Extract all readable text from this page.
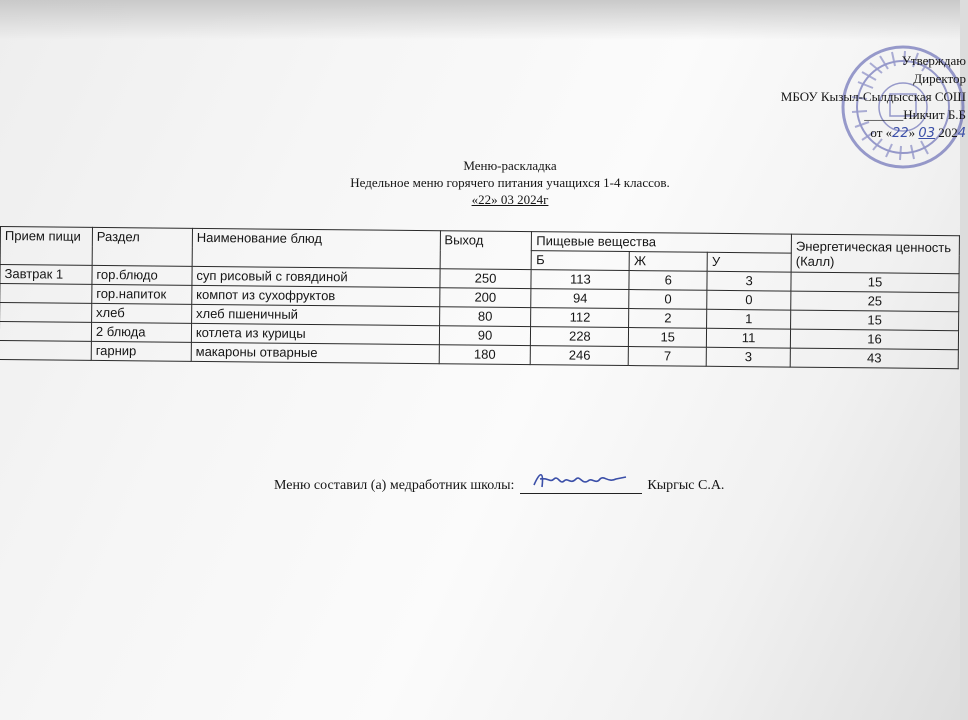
Утверждаю
Директор
МБОУ Кызыл-Сылдысская СОШ
______Никчит Б.Б
от «22» 03 2024
Меню-раскладка
Недельное меню горячего питания учащихся 1-4 классов.
«22» 03 2024г
Прием пищи	Раздел	Наименование блюд	Выход	Пищевые вещества			Энергетическая ценность (Калл)
				Б	Ж	У	
Завтрак 1	гор.блюдо	суп рисовый с говядиной	250	113	6	3	15
	гор.напиток	компот из сухофруктов	200	94	0	0	25
	хлеб	хлеб пшеничный	80	112	2	1	15
	2 блюда	котлета из курицы	90	228	15	11	16
	гарнир	макароны отварные	180	246	7	3	43
Меню составил (а) медработник школы:	Кыргыс С.А.
